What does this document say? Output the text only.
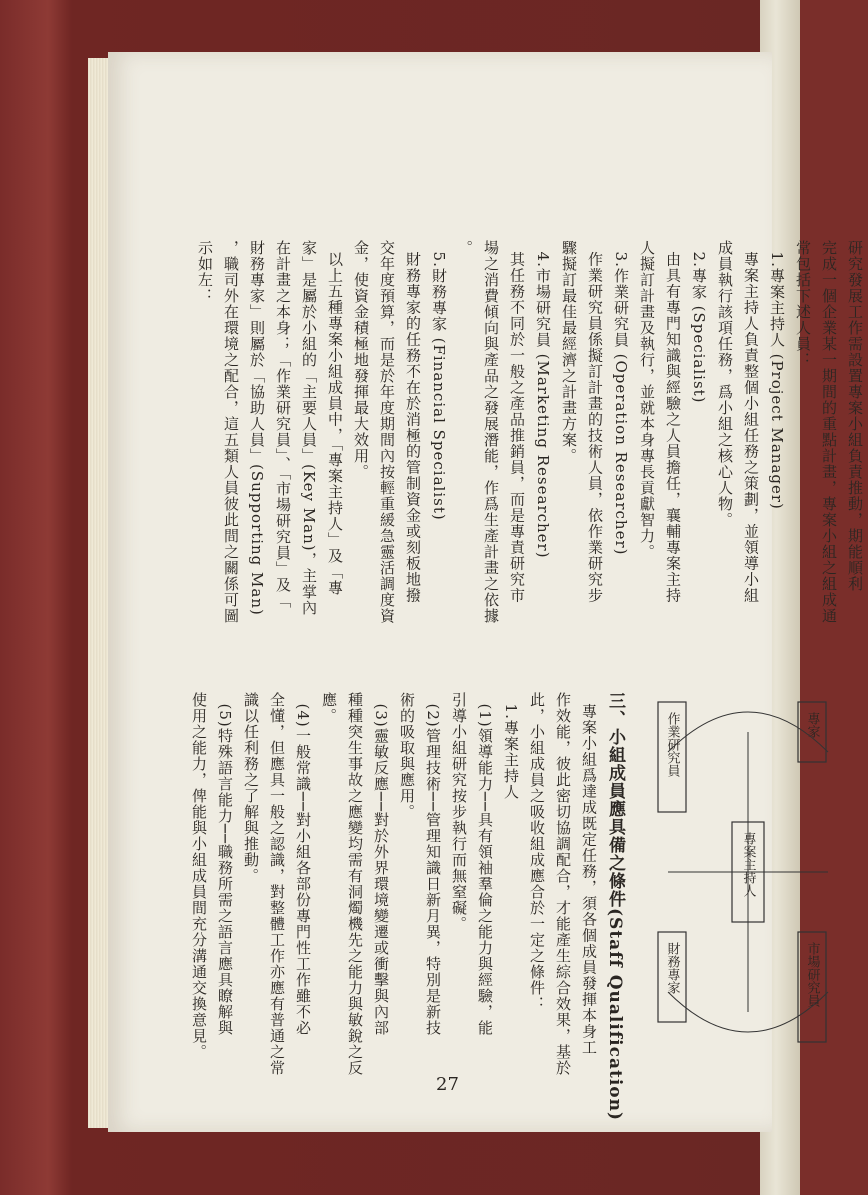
研究發展工作需設置專案小組負責推動，期能順利
完成一個企業某一期間的重點計畫，專案小組之組成通
常包括下述人員：
1.專案主持人 (Project Manager)
專案主持人負責整個小組任務之策劃，並領導小組
成員執行該項任務，爲小組之核心人物。
2.專家 (Specialist)
由具有專門知識與經驗之人員擔任，襄輔專案主持
人擬訂計畫及執行，並就本身專長貢獻智力。
3.作業研究員 (Operation Researcher)
作業研究員係擬訂計畫的技術人員，依作業研究步
驟擬訂最佳最經濟之計畫方案。
4.市場研究員 (Marketing Researcher)
其任務不同於一般之產品推銷員，而是專責研究市
場之消費傾向與產品之發展潛能，作爲生產計畫之依據
。
5.財務專家 (Financial Specialist)
財務專家的任務不在於消極的管制資金或刻板地撥
交年度預算，而是於年度期間內按輕重緩急靈活調度資
金，使資金積極地發揮最大效用。
以上五種專案小組成員中，「專案主持人」及「專
家」是屬於小組的「主要人員」(Key Man)，主掌內
在計畫之本身；「作業研究員」、「市場研究員」及「
財務專家」則屬於「協助人員」(Supporting Man)
，職司外在環境之配合，這五類人員彼此間之關係可圖
示如左：
三、小組成員應具備之條件(Staff Qualification)
專案小組爲達成既定任務，須各個成員發揮本身工
作效能，彼此密切協調配合，才能產生綜合效果，基於
此，小組成員之吸收組成應合於一定之條件：
1.專案主持人
(1)領導能力──具有領袖羣倫之能力與經驗，能
引導小組研究按步執行而無窒礙。
(2)管理技術──管理知識日新月異，特別是新技
術的吸取與應用。
(3)靈敏反應──對於外界環境變遷或衝擊與內部
種種突生事故之應變均需有洞燭機先之能力與敏銳之反
應。
(4)一般常識──對小組各部份專門性工作雖不必
全懂，但應具一般之認識，對整體工作亦應有普通之常
識以任利務之了解與推動。
(5)特殊語言能力──職務所需之語言應具瞭解與
使用之能力，俾能與小組成員間充分溝通交換意見。	專案主持人
專家
作業研究員
市場研究員
財務專家
27
